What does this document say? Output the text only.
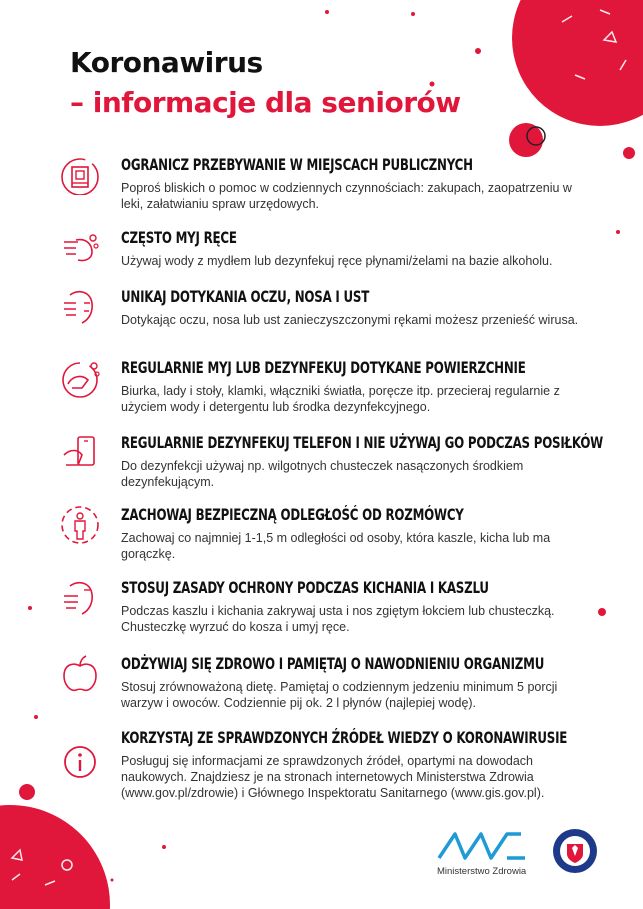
Koronawirus
– informacje dla seniorów
OGRANICZ PRZEBYWANIE W MIEJSCACH PUBLICZNYCH
Poproś bliskich o pomoc w codziennych czynnościach: zakupach, zaopatrzeniu w leki, załatwianiu spraw urzędowych.
CZĘSTO MYJ RĘCE
Używaj wody z mydłem lub dezynfekuj ręce płynami/żelami na bazie alkoholu.
UNIKAJ DOTYKANIA OCZU, NOSA I UST
Dotykając oczu, nosa lub ust zanieczyszczonymi rękami możesz przenieść wirusa.
REGULARNIE MYJ LUB DEZYNFEKUJ DOTYKANE POWIERZCHNIE
Biurka, lady i stoły, klamki, włączniki światła, poręcze itp. przecieraj regularnie z użyciem wody i detergentu lub środka dezynfekcyjnego.
REGULARNIE DEZYNFEKUJ TELEFON I NIE UŻYWAJ GO PODCZAS POSIŁKÓW
Do dezynfekcji używaj np. wilgotnych chusteczek nasączonych środkiem dezynfekującym.
ZACHOWAJ BEZPIECZNĄ ODLEGŁOŚĆ OD ROZMÓWCY
Zachowaj co najmniej 1-1,5 m odległości od osoby, która kaszle, kicha lub ma gorączkę.
STOSUJ ZASADY OCHRONY PODCZAS KICHANIA I KASZLU
Podczas kaszlu i kichania zakrywaj usta i nos zgiętym łokciem lub chusteczką. Chusteczkę wyrzuć do kosza i umyj ręce.
ODŻYWIAJ SIĘ ZDROWO I PAMIĘTAJ O NAWODNIENIU ORGANIZMU
Stosuj zrównoważoną dietę. Pamiętaj o codziennym jedzeniu minimum 5 porcji warzyw i owoców. Codziennie pij ok. 2 l płynów (najlepiej wodę).
KORZYSTAJ ZE SPRAWDZONYCH ŹRÓDEŁ WIEDZY O KORONAWIRUSIE
Posługuj się informacjami ze sprawdzonych źródeł, opartymi na dowodach naukowych. Znajdziesz je na stronach internetowych Ministerstwa Zdrowia (www.gov.pl/zdrowie) i Głównego Inspektoratu Sanitarnego (www.gis.gov.pl).
Ministerstwo Zdrowia
